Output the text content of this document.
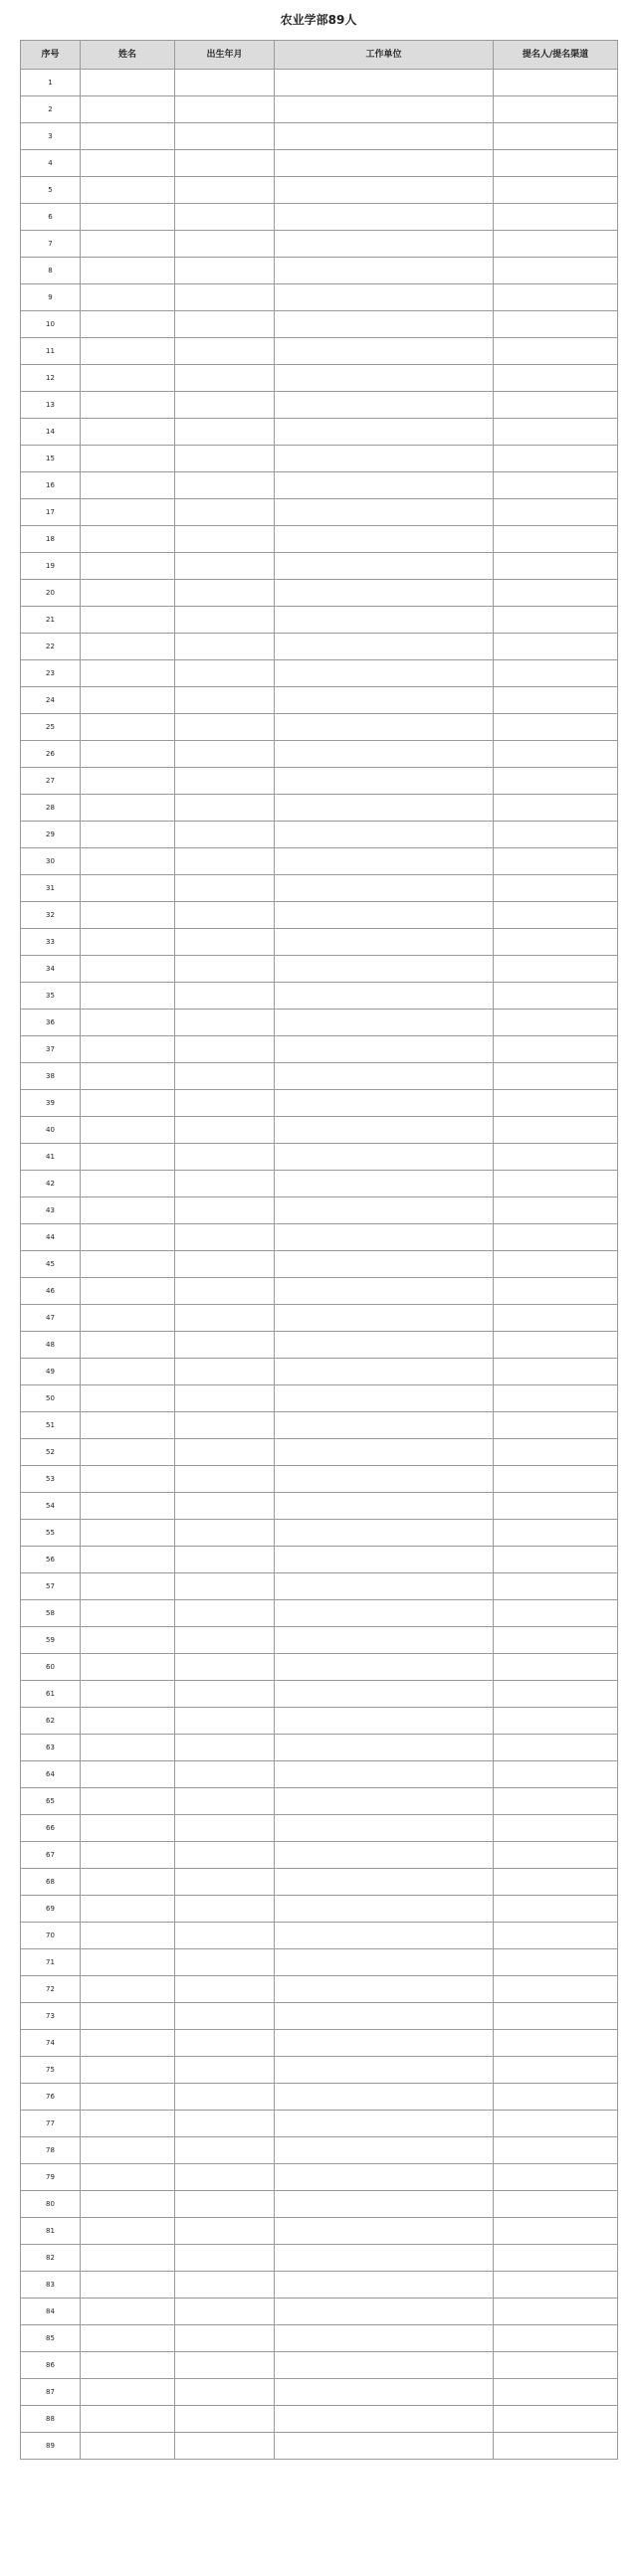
农业学部89人
序号	姓名	出生年月	工作单位	提名人/提名渠道
1				
2				
3				
4				
5				
6				
7				
8				
9				
10				
11				
12				
13				
14				
15				
16				
17				
18				
19				
20				
21				
22				
23				
24				
25				
26				
27				
28				
29				
30				
31				
32				
33				
34				
35				
36				
37				
38				
39				
40				
41				
42				
43				
44				
45				
46				
47				
48				
49				
50				
51				
52				
53				
54				
55				
56				
57				
58				
59				
60				
61				
62				
63				
64				
65				
66				
67				
68				
69				
70				
71				
72				
73				
74				
75				
76				
77				
78				
79				
80				
81				
82				
83				
84				
85				
86				
87				
88				
89				
